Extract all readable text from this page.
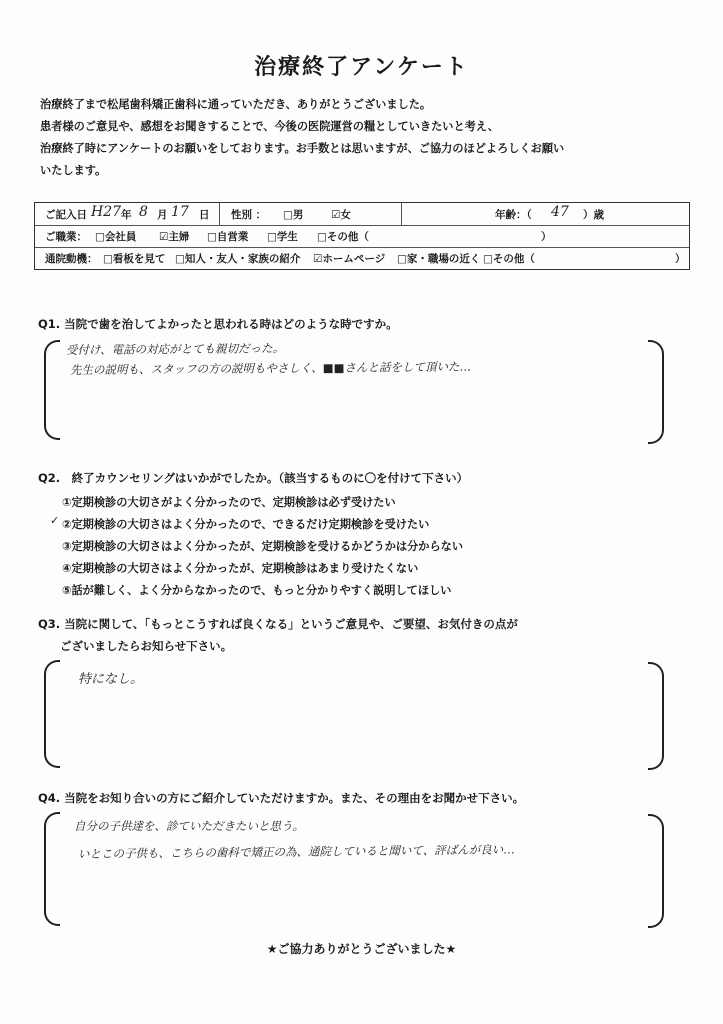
治療終了アンケート
治療終了まで松尾歯科矯正歯科に通っていただき、ありがとうございました。
患者様のご意見や、感想をお聞きすることで、今後の医院運営の糧としていきたいと考え、
治療終了時にアンケートのお願いをしております。お手数とは思いますが、ご協力のほどよろしくお願い
いたします。
ご記入日 H27 年 8 月 17 日 性別 ： □男	☑女	年齢：（ 47 ）歳
ご職業： □会社員 ☑主婦 □自営業 □学生 □その他（	）
通院動機： □看板を見て □知人・友人・家族の紹介 ☑ホームページ □家・職場の近く □その他（	）
Q1. 当院で歯を治してよかったと思われる時はどのような時ですか。
受付け、電話の対応がとても親切だった。
先生の説明も、スタッフの方の説明もやさしく、■■さんと話をして頂いた…
Q2.　終了カウンセリングはいかがでしたか。（該当するものに〇を付けて下さい）
①定期検診の大切さがよく分かったので、定期検診は必ず受けたい
✓ ②定期検診の大切さはよく分かったので、できるだけ定期検診を受けたい
③定期検診の大切さはよく分かったが、定期検診を受けるかどうかは分からない
④定期検診の大切さはよく分かったが、定期検診はあまり受けたくない
⑤話が難しく、よく分からなかったので、もっと分かりやすく説明してほしい
Q3. 当院に関して、「もっとこうすれば良くなる」というご意見や、ご要望、お気付きの点が
ございましたらお知らせ下さい。
特になし。
Q4. 当院をお知り合いの方にご紹介していただけますか。また、その理由をお聞かせ下さい。
自分の子供達を、診ていただきたいと思う。
いとこの子供も、こちらの歯科で矯正の為、通院していると聞いて、評ばんが良い…
★ご協力ありがとうございました★
